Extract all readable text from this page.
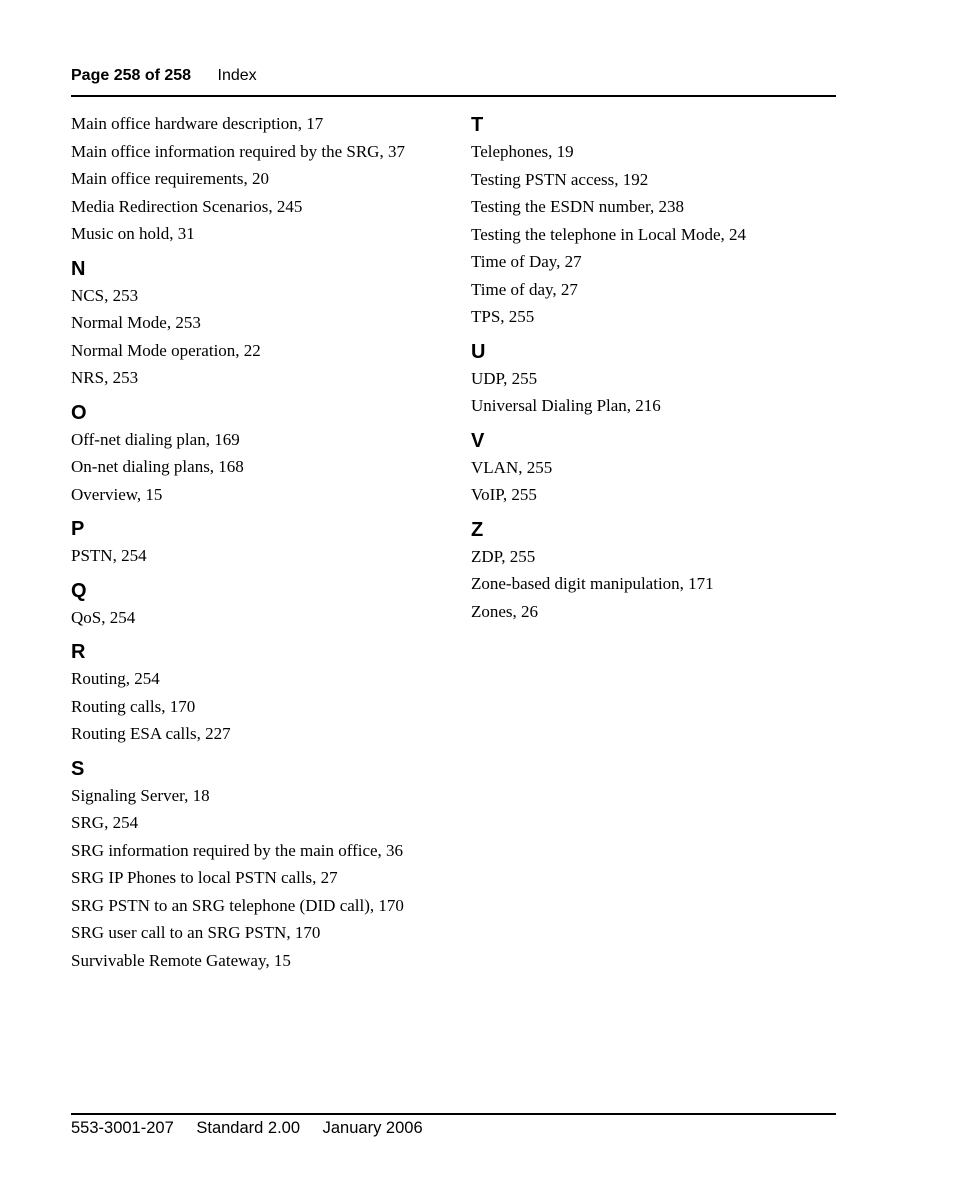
Page 258 of 258 Index
Main office hardware description, 17
Main office information required by the SRG, 37
Main office requirements, 20
Media Redirection Scenarios, 245
Music on hold, 31
N
NCS, 253
Normal Mode, 253
Normal Mode operation, 22
NRS, 253
O
Off-net dialing plan, 169
On-net dialing plans, 168
Overview, 15
P
PSTN, 254
Q
QoS, 254
R
Routing, 254
Routing calls, 170
Routing ESA calls, 227
S
Signaling Server, 18
SRG, 254
SRG information required by the main office, 36
SRG IP Phones to local PSTN calls, 27
SRG PSTN to an SRG telephone (DID call), 170
SRG user call to an SRG PSTN, 170
Survivable Remote Gateway, 15
T
Telephones, 19
Testing PSTN access, 192
Testing the ESDN number, 238
Testing the telephone in Local Mode, 24
Time of Day, 27
Time of day, 27
TPS, 255
U
UDP, 255
Universal Dialing Plan, 216
V
VLAN, 255
VoIP, 255
Z
ZDP, 255
Zone-based digit manipulation, 171
Zones, 26
553-3001-207 Standard 2.00 January 2006
